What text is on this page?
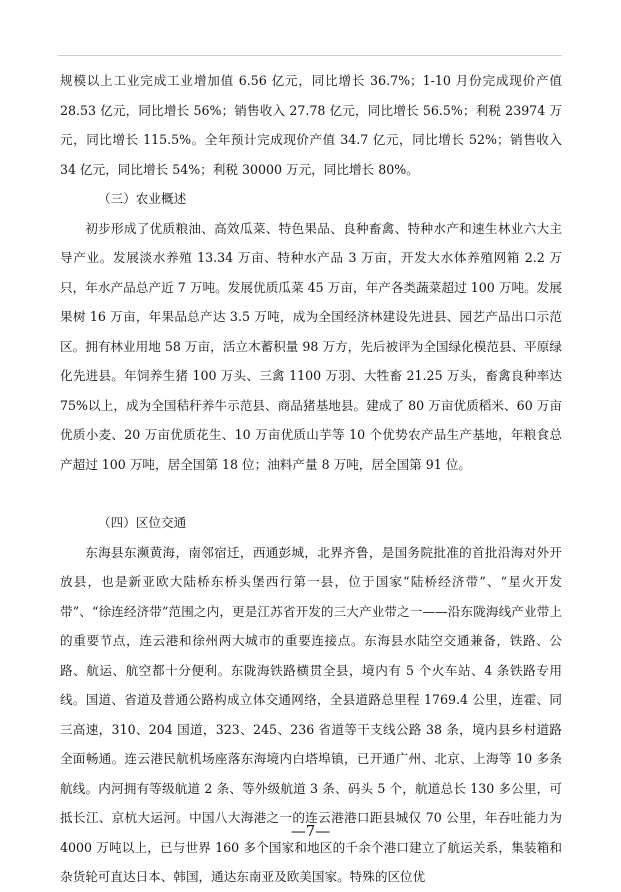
规模以上工业完成工业增加值 6.56 亿元，同比增长 36.7%；1-10 月份完成现价产值 28.53 亿元，同比增长 56%；销售收入 27.78 亿元，同比增长 56.5%；利税 23974 万元，同比增长 115.5%。全年预计完成现价产值 34.7 亿元，同比增长 52%；销售收入 34 亿元，同比增长 54%；利税 30000 万元，同比增长 80%。

（三）农业概述

初步形成了优质粮油、高效瓜菜、特色果品、良种畜禽、特种水产和速生林业六大主导产业。发展淡水养殖 13.34 万亩、特种水产品 3 万亩，开发大水体养殖网箱 2.2 万只，年水产品总产近 7 万吨。发展优质瓜菜 45 万亩，年产各类蔬菜超过 100 万吨。发展果树 16 万亩，年果品总产达 3.5 万吨，成为全国经济林建设先进县、园艺产品出口示范区。拥有林业用地 58 万亩，活立木蓄积量 98 万方，先后被评为全国绿化模范县、平原绿化先进县。年饲养生猪 100 万头、三禽 1100 万羽、大牲畜 21.25 万头，畜禽良种率达 75%以上，成为全国秸秆养牛示范县、商品猪基地县。建成了 80 万亩优质稻米、60 万亩优质小麦、20 万亩优质花生、10 万亩优质山芋等 10 个优势农产品生产基地，年粮食总产超过 100 万吨，居全国第 18 位；油料产量 8 万吨，居全国第 91 位。

（四）区位交通

东海县东濒黄海，南邻宿迁，西通彭城，北界齐鲁，是国务院批准的首批沿海对外开放县，也是新亚欧大陆桥东桥头堡西行第一县，位于国家“陆桥经济带”、“星火开发带”、“徐连经济带”范围之内，更是江苏省开发的三大产业带之一——沿东陇海线产业带上的重要节点，连云港和徐州两大城市的重要连接点。东海县水陆空交通兼备，铁路、公路、航运、航空都十分便利。东陇海铁路横贯全县，境内有 5 个火车站、4 条铁路专用线。国道、省道及普通公路构成立体交通网络，全县道路总里程 1769.4 公里，连霍、同三高速，310、204 国道，323、245、236 省道等干支线公路 38 条，境内县乡村道路全面畅通。连云港民航机场座落东海境内白塔埠镇，已开通广州、北京、上海等 10 多条航线。内河拥有等级航道 2 条、等外级航道 3 条、码头 5 个，航道总长 130 多公里，可抵长江、京杭大运河。中国八大海港之一的连云港港口距县城仅 70 公里，年吞吐能力为 4000 万吨以上，已与世界 160 多个国家和地区的千余个港口建立了航运关系，集装箱和杂货轮可直达日本、韩国，通达东南亚及欧美国家。特殊的区位优

—7—
